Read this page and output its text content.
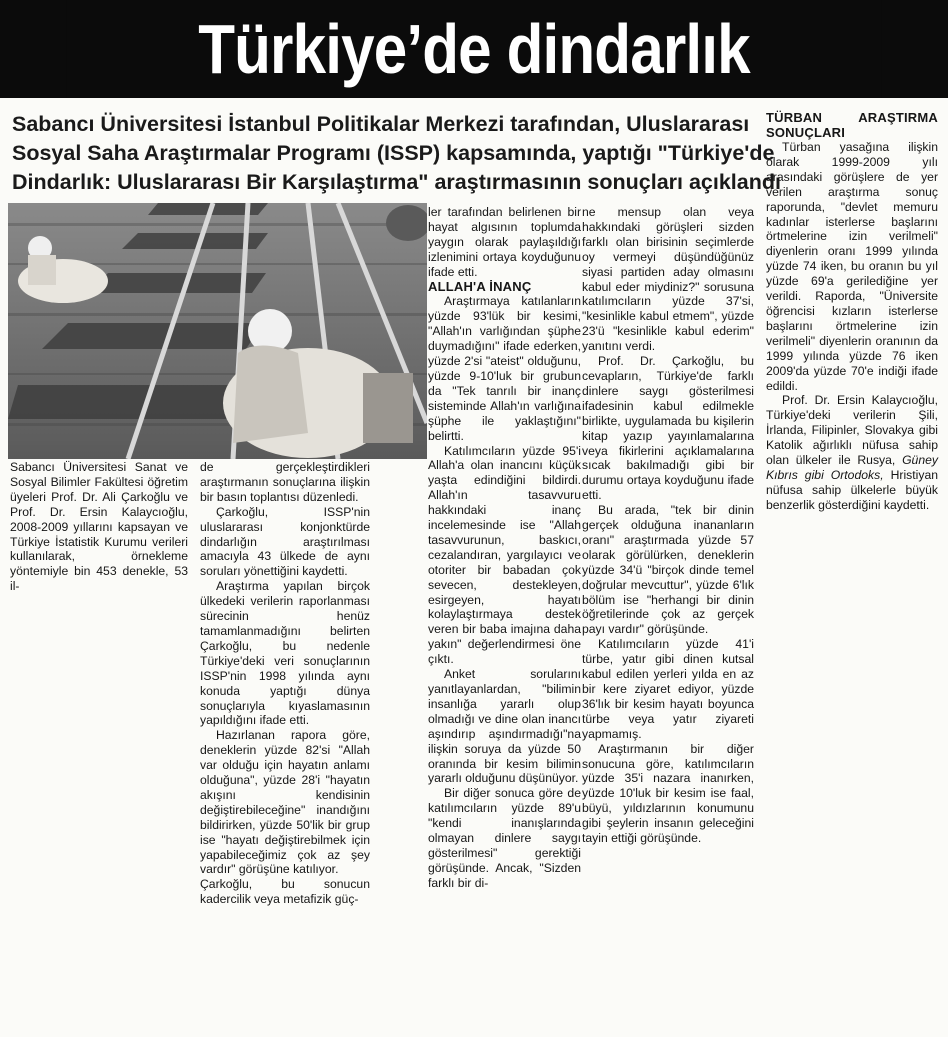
Türkiye’de dindarlık
Sabancı Üniversitesi İstanbul Politikalar Merkezi tarafından, Uluslararası
Sosyal Saha Araştırmalar Programı (ISSP) kapsamında, yaptığı "Türkiye'de
Dindarlık: Uluslararası Bir Karşılaştırma" araştırmasının sonuçları açıklandı

Sabancı Üniversitesi Sanat ve Sosyal Bilimler Fakültesi öğretim üyeleri Prof. Dr. Ali Çarkoğlu ve Prof. Dr. Ersin Kalaycıoğlu, 2008-2009 yıllarını kapsayan ve Türkiye İstatistik Kurumu verileri kullanılarak, örnekleme yöntemiyle bin 453 denekle, 53 il-

de gerçekleştirdikleri araştırmanın sonuçlarına ilişkin bir basın toplantısı düzenledi.

Çarkoğlu, ISSP'nin uluslararası konjonktürde dindarlığın araştırılması amacıyla 43 ülkede de aynı soruları yönettiğini kaydetti.

Araştırma yapılan birçok ülkedeki verilerin raporlanması sürecinin henüz tamamlanmadığını belirten Çarkoğlu, bu nedenle Türkiye'deki veri sonuçlarının ISSP'nin 1998 yılında aynı konuda yaptığı dünya sonuçlarıyla kıyaslamasının yapıldığını ifade etti.

Hazırlanan rapora göre, deneklerin yüzde 82'si "Allah var olduğu için hayatın anlamı olduğuna", yüzde 28'i "hayatın akışını kendisinin değiştirebileceğine" inandığını bildirirken, yüzde 50'lik bir grup ise "hayatı değiştirebilmek için yapabileceğimiz çok az şey vardır" görüşüne katılıyor.

Çarkoğlu, bu sonucun kadercilik veya metafizik güç-

ler tarafından belirlenen bir hayat algısının toplumda yaygın olarak paylaşıldığı izlenimini ortaya koyduğunu ifade etti.

ALLAH'A İNANÇ

Araştırmaya katılanların yüzde 93'lük bir kesimi, "Allah'ın varlığından şüphe duymadığını" ifade ederken, yüzde 2'si "ateist" olduğunu, yüzde 9-10'luk bir grubun da "Tek tanrılı bir inanç sisteminde Allah'ın varlığına şüphe ile yaklaştığını" belirtti.

Katılımcıların yüzde 95'i Allah'a olan inancını küçük yaşta edindiğini bildirdi. Allah'ın tasavvuru hakkındaki inanç incelemesinde ise "Allah tasavvurunun, baskıcı, cezalandıran, yargılayıcı ve otoriter bir babadan çok sevecen, destekleyen, esirgeyen, hayatı kolaylaştırmaya destek veren bir baba imajına daha yakın" değerlendirmesi öne çıktı.

Anket sorularını yanıtlayanlardan, "bilimin insanlığa yararlı olup olmadığı ve dine olan inancı aşındırıp aşındırmadığı"na ilişkin soruya da yüzde 50 oranında bir kesim bilimin yararlı olduğunu düşünüyor.

Bir diğer sonuca göre de katılımcıların yüzde 89'u "kendi inanışlarında olmayan dinlere saygı gösterilmesi" gerektiği görüşünde. Ancak, "Sizden farklı bir di-

ne mensup olan veya hakkındaki görüşleri sizden farklı olan birisinin seçimlerde oy vermeyi düşündüğünüz siyasi partiden aday olmasını kabul eder miydiniz?" sorusuna katılımcıların yüzde 37'si, "kesinlikle kabul etmem", yüzde 23'ü "kesinlikle kabul ederim" yanıtını verdi.

Prof. Dr. Çarkoğlu, bu cevapların, Türkiye'de farklı dinlere saygı gösterilmesi ifadesinin kabul edilmekle birlikte, uygulamada bu kişilerin kitap yazıp yayınlamalarına veya fikirlerini açıklamalarına sıcak bakılmadığı gibi bir durumu ortaya koyduğunu ifade etti.

Bu arada, "tek bir dinin gerçek olduğuna inananların oranı" araştırmada yüzde 57 olarak görülürken, deneklerin yüzde 34'ü "birçok dinde temel doğrular mevcuttur", yüzde 6'lık bölüm ise "herhangi bir dinin öğretilerinde çok az gerçek payı vardır" görüşünde.

Katılımcıların yüzde 41'i türbe, yatır gibi dinen kutsal kabul edilen yerleri yılda en az bir kere ziyaret ediyor, yüzde 36'lık bir kesim hayatı boyunca türbe veya yatır ziyareti yapmamış.

Araştırmanın bir diğer sonucuna göre, katılımcıların yüzde 35'i nazara inanırken, yüzde 10'luk bir kesim ise faal, büyü, yıldızlarının konumunu gibi şeylerin insanın geleceğini tayin ettiği görüşünde.

TÜRBAN ARAŞTIRMA SONUÇLARI

Türban yasağına ilişkin olarak 1999-2009 yılı arasındaki görüşlere de yer verilen araştırma sonuç raporunda, "devlet memuru kadınlar isterlerse başlarını örtmelerine izin verilmeli" diyenlerin oranı 1999 yılında yüzde 74 iken, bu oranın bu yıl yüzde 69'a gerilediğine yer verildi. Raporda, "Üniversite öğrencisi kızların isterlerse başlarını örtmelerine izin verilmeli" diyenlerin oranının da 1999 yılında yüzde 76 iken 2009'da yüzde 70'e indiği ifade edildi.

Prof. Dr. Ersin Kalaycıoğlu, Türkiye'deki verilerin Şili, İrlanda, Filipinler, Slovakya gibi Katolik ağırlıklı nüfusa sahip olan ülkeler ile Rusya, Güney Kıbrıs gibi Ortodoks, Hristiyan nüfusa sahip ülkelerle büyük benzerlik gösterdiğini kaydetti.
